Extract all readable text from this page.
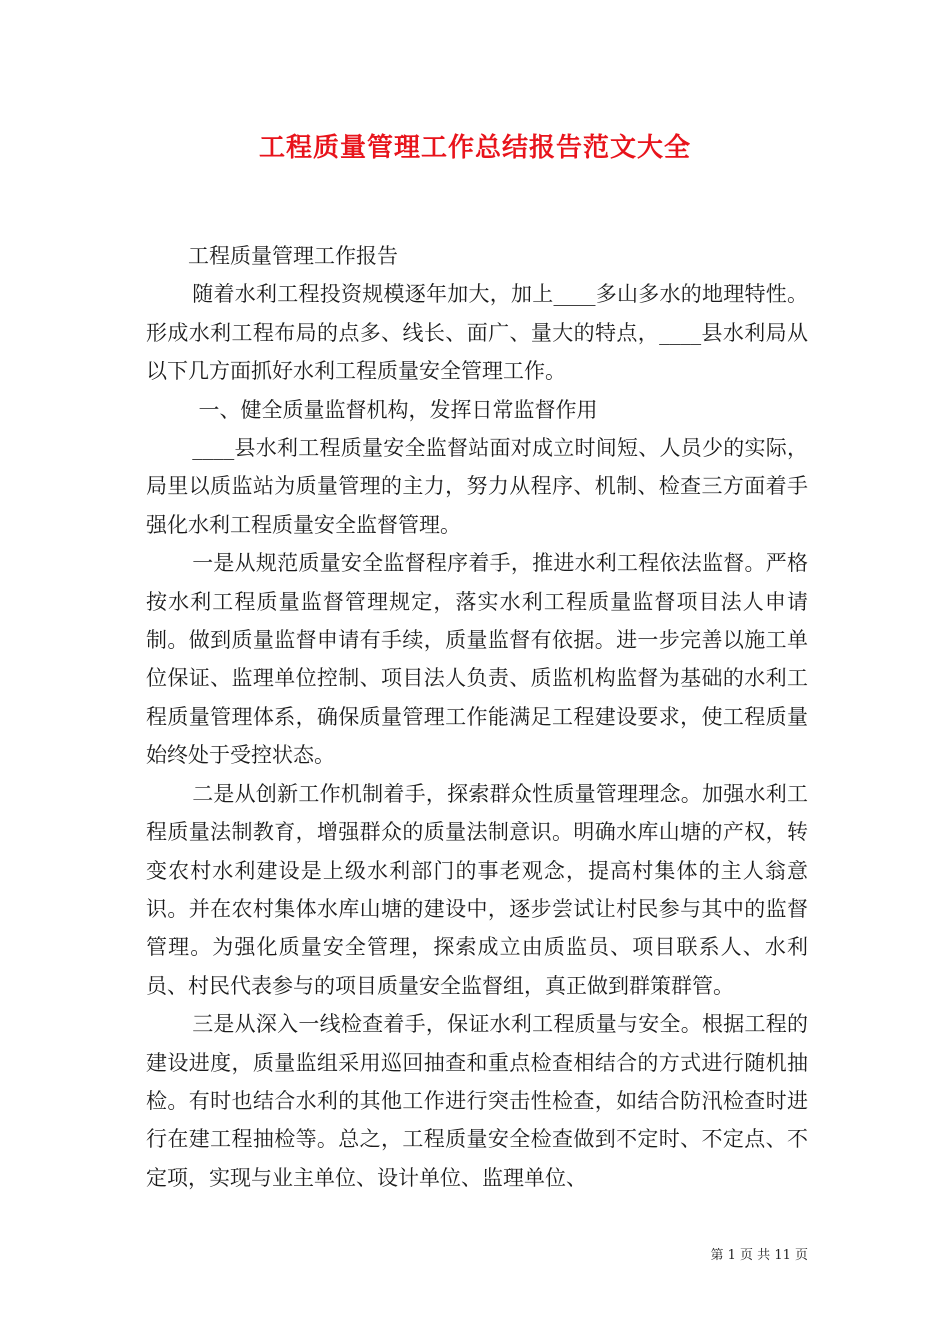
工程质量管理工作总结报告范文大全

工程质量管理工作报告

随着水利工程投资规模逐年加大，加上____多山多水的地理特性。形成水利工程布局的点多、线长、面广、量大的特点，____县水利局从以下几方面抓好水利工程质量安全管理工作。

一、健全质量监督机构，发挥日常监督作用

____县水利工程质量安全监督站面对成立时间短、人员少的实际，局里以质监站为质量管理的主力，努力从程序、机制、检查三方面着手强化水利工程质量安全监督管理。

一是从规范质量安全监督程序着手，推进水利工程依法监督。严格按水利工程质量监督管理规定，落实水利工程质量监督项目法人申请制。做到质量监督申请有手续，质量监督有依据。进一步完善以施工单位保证、监理单位控制、项目法人负责、质监机构监督为基础的水利工程质量管理体系，确保质量管理工作能满足工程建设要求，使工程质量始终处于受控状态。

二是从创新工作机制着手，探索群众性质量管理理念。加强水利工程质量法制教育，增强群众的质量法制意识。明确水库山塘的产权，转变农村水利建设是上级水利部门的事老观念，提高村集体的主人翁意识。并在农村集体水库山塘的建设中，逐步尝试让村民参与其中的监督管理。为强化质量安全管理，探索成立由质监员、项目联系人、水利员、村民代表参与的项目质量安全监督组，真正做到群策群管。

三是从深入一线检查着手，保证水利工程质量与安全。根据工程的建设进度，质量监组采用巡回抽查和重点检查相结合的方式进行随机抽检。有时也结合水利的其他工作进行突击性检查，如结合防汛检查时进行在建工程抽检等。总之，工程质量安全检查做到不定时、不定点、不定项，实现与业主单位、设计单位、监理单位、

第 1 页 共 11 页
